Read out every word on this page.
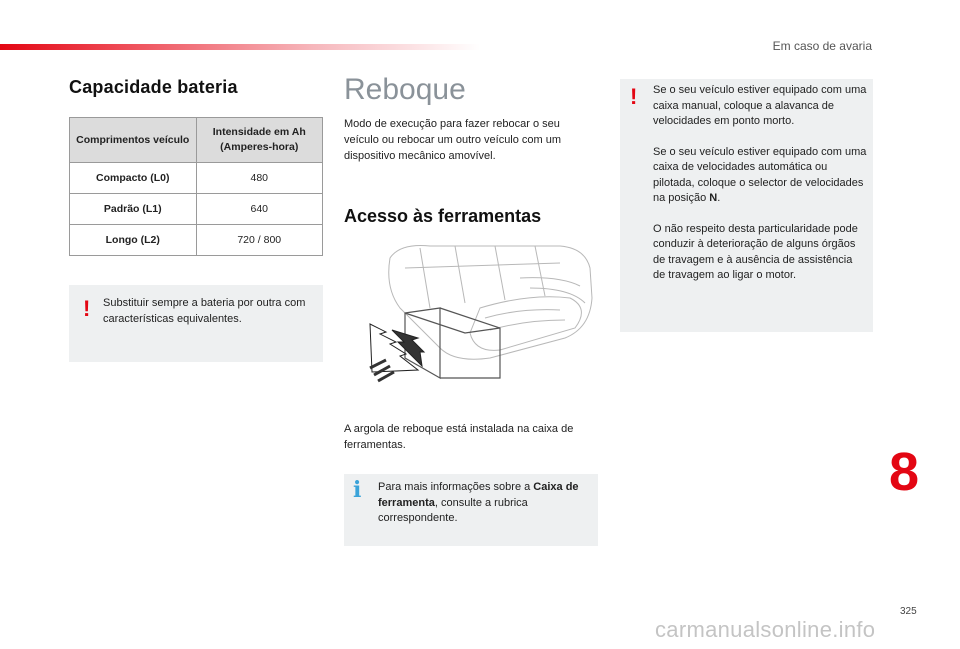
Em caso de avaria
Capacidade bateria
Comprimentos veículo	Intensidade em Ah (Amperes-hora)
Compacto (L0)	480
Padrão (L1)	640
Longo (L2)	720 / 800
! Substituir sempre a bateria por outra com características equivalentes.
Reboque
Modo de execução para fazer rebocar o seu veículo ou rebocar um outro veículo com um dispositivo mecânico amovível.
Acesso às ferramentas
A argola de reboque está instalada na caixa de ferramentas.
i Para mais informações sobre a Caixa de ferramenta, consulte a rubrica correspondente.
! Se o seu veículo estiver equipado com uma caixa manual, coloque a alavanca de velocidades em ponto morto.

Se o seu veículo estiver equipado com uma caixa de velocidades automática ou pilotada, coloque o selector de velocidades na posição N.

O não respeito desta particularidade pode conduzir à deterioração de alguns órgãos de travagem e à ausência de assistência de travagem ao ligar o motor.

8
325
carmanualsonline.info
